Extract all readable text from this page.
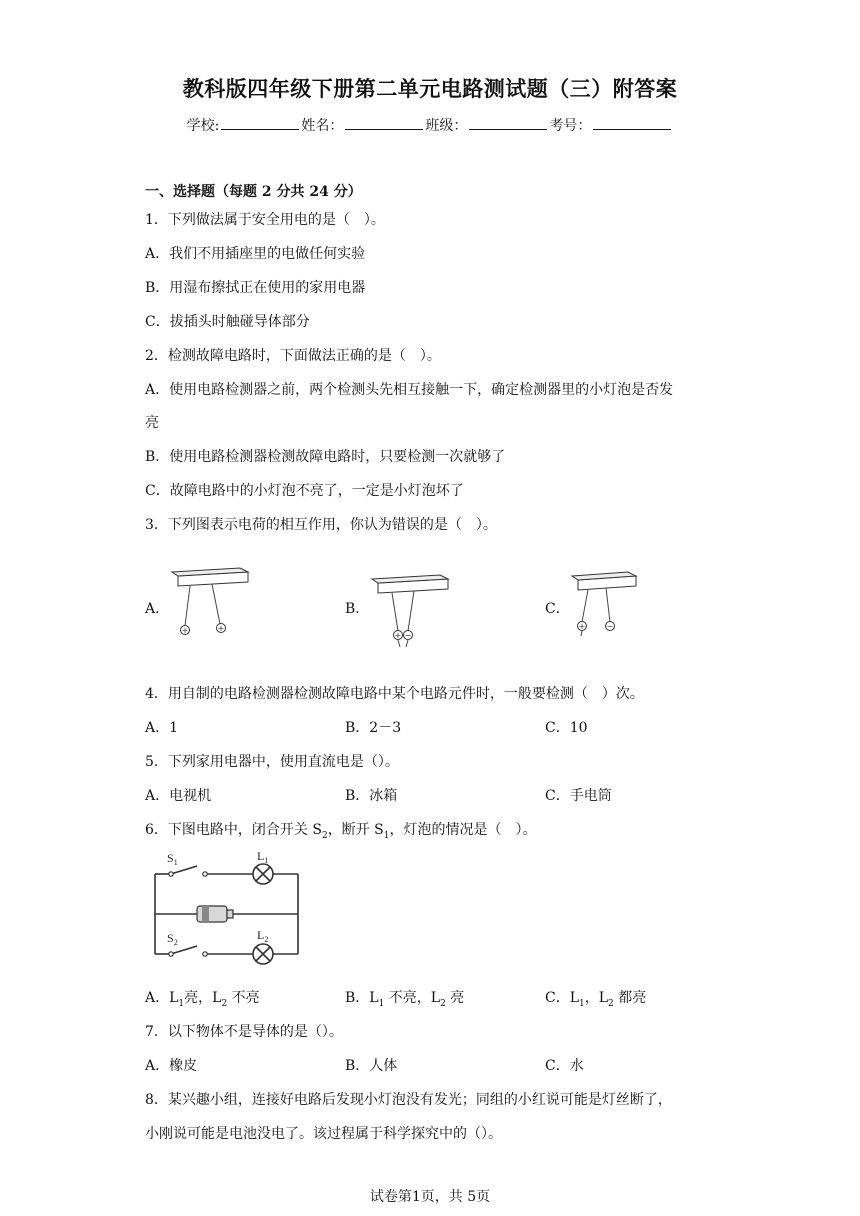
教科版四年级下册第二单元电路测试题（三）附答案
学校:	姓名：	班级：	考号：
一、选择题（每题 2 分共 24 分）
1．下列做法属于安全用电的是（　）。
A．我们不用插座里的电做任何实验
B．用湿布擦拭正在使用的家用电器
C．拔插头时触碰导体部分
2．检测故障电路时，下面做法正确的是（　）。
A．使用电路检测器之前，两个检测头先相互接触一下，确定检测器里的小灯泡是否发
亮
B．使用电路检测器检测故障电路时，只要检测一次就够了
C．故障电路中的小灯泡不亮了，一定是小灯泡坏了
3．下列图表示电荷的相互作用，你认为错误的是（　）。
A．	B．	C．
+	+
+ −
+	−
4．用自制的电路检测器检测故障电路中某个电路元件时，一般要检测（　）次。
A．1	B．2－3	C．10
5．下列家用电器中，使用直流电是（）。
A．电视机	B．冰箱	C．手电筒
6．下图电路中，闭合开关 $S_2$，断开 $S_1$，灯泡的情况是（　）。
$S_1$	$L_1$
$S_2$
$L_2$
A．$L_1$亮，$L_2$ 不亮	B．$L_1$ 不亮，$L_2$ 亮	C．$L_1$，$L_2$ 都亮
7．以下物体不是导体的是（）。
A．橡皮	B．人体	C．水
8．某兴趣小组，连接好电路后发现小灯泡没有发光；同组的小红说可能是灯丝断了，
小刚说可能是电池没电了。该过程属于科学探究中的（）。
试卷第1页，共 5页
